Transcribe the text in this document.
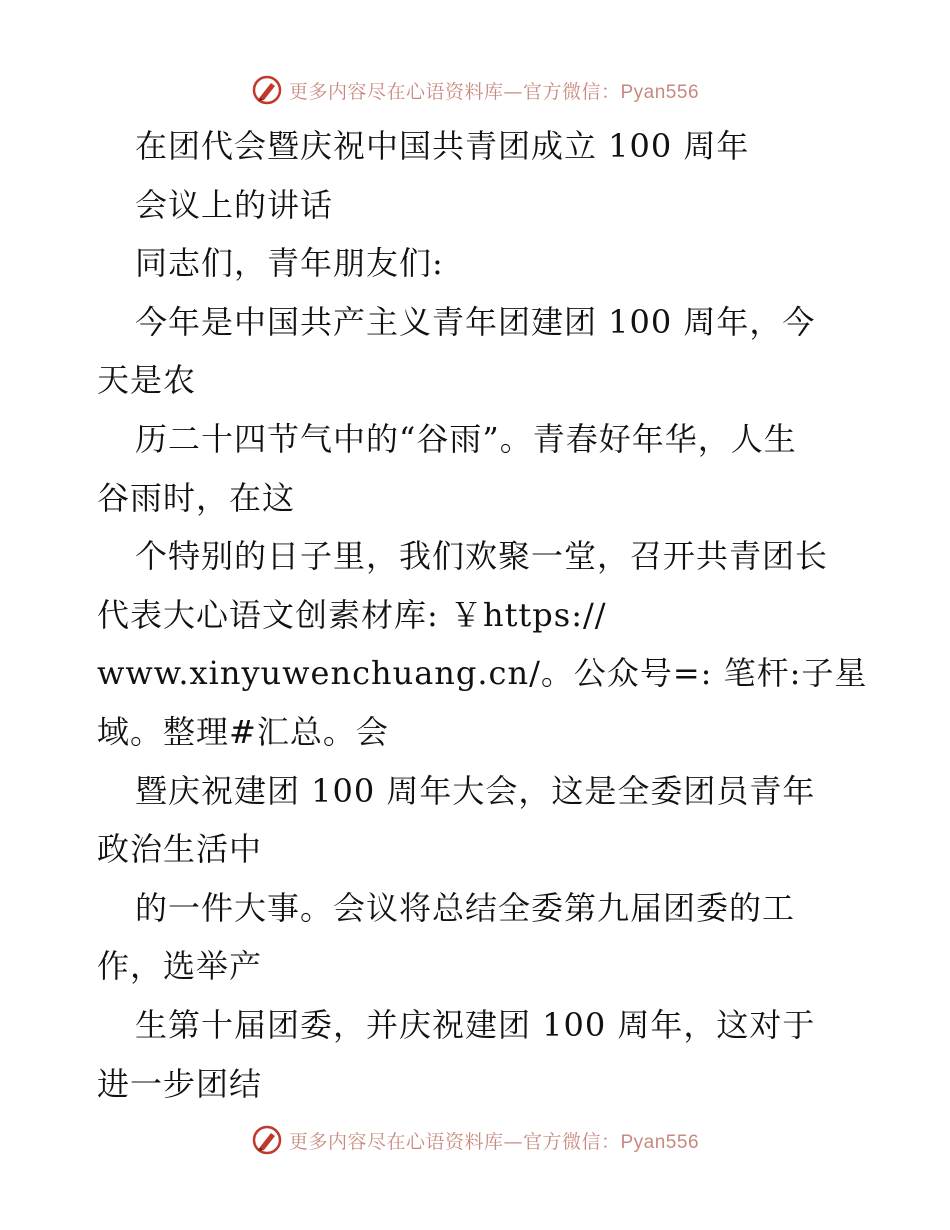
更多内容尽在心语资料库—官方微信：Pyan556
在团代会暨庆祝中国共青团成立 100 周年
会议上的讲话
同志们，青年朋友们:
今年是中国共产主义青年团建团 100 周年，今
天是农
历二十四节气中的“谷雨”。青春好年华，人生
谷雨时，在这
个特别的日子里，我们欢聚一堂，召开共青团长
代表大心语文创素材库: ￥https://
www.xinyuwenchuang.cn/。公众号=: 笔杆:子星
域。整理#汇总。会
暨庆祝建团 100 周年大会，这是全委团员青年
政治生活中
的一件大事。会议将总结全委第九届团委的工
作，选举产
生第十届团委，并庆祝建团 100 周年，这对于
进一步团结
更多内容尽在心语资料库—官方微信：Pyan556
